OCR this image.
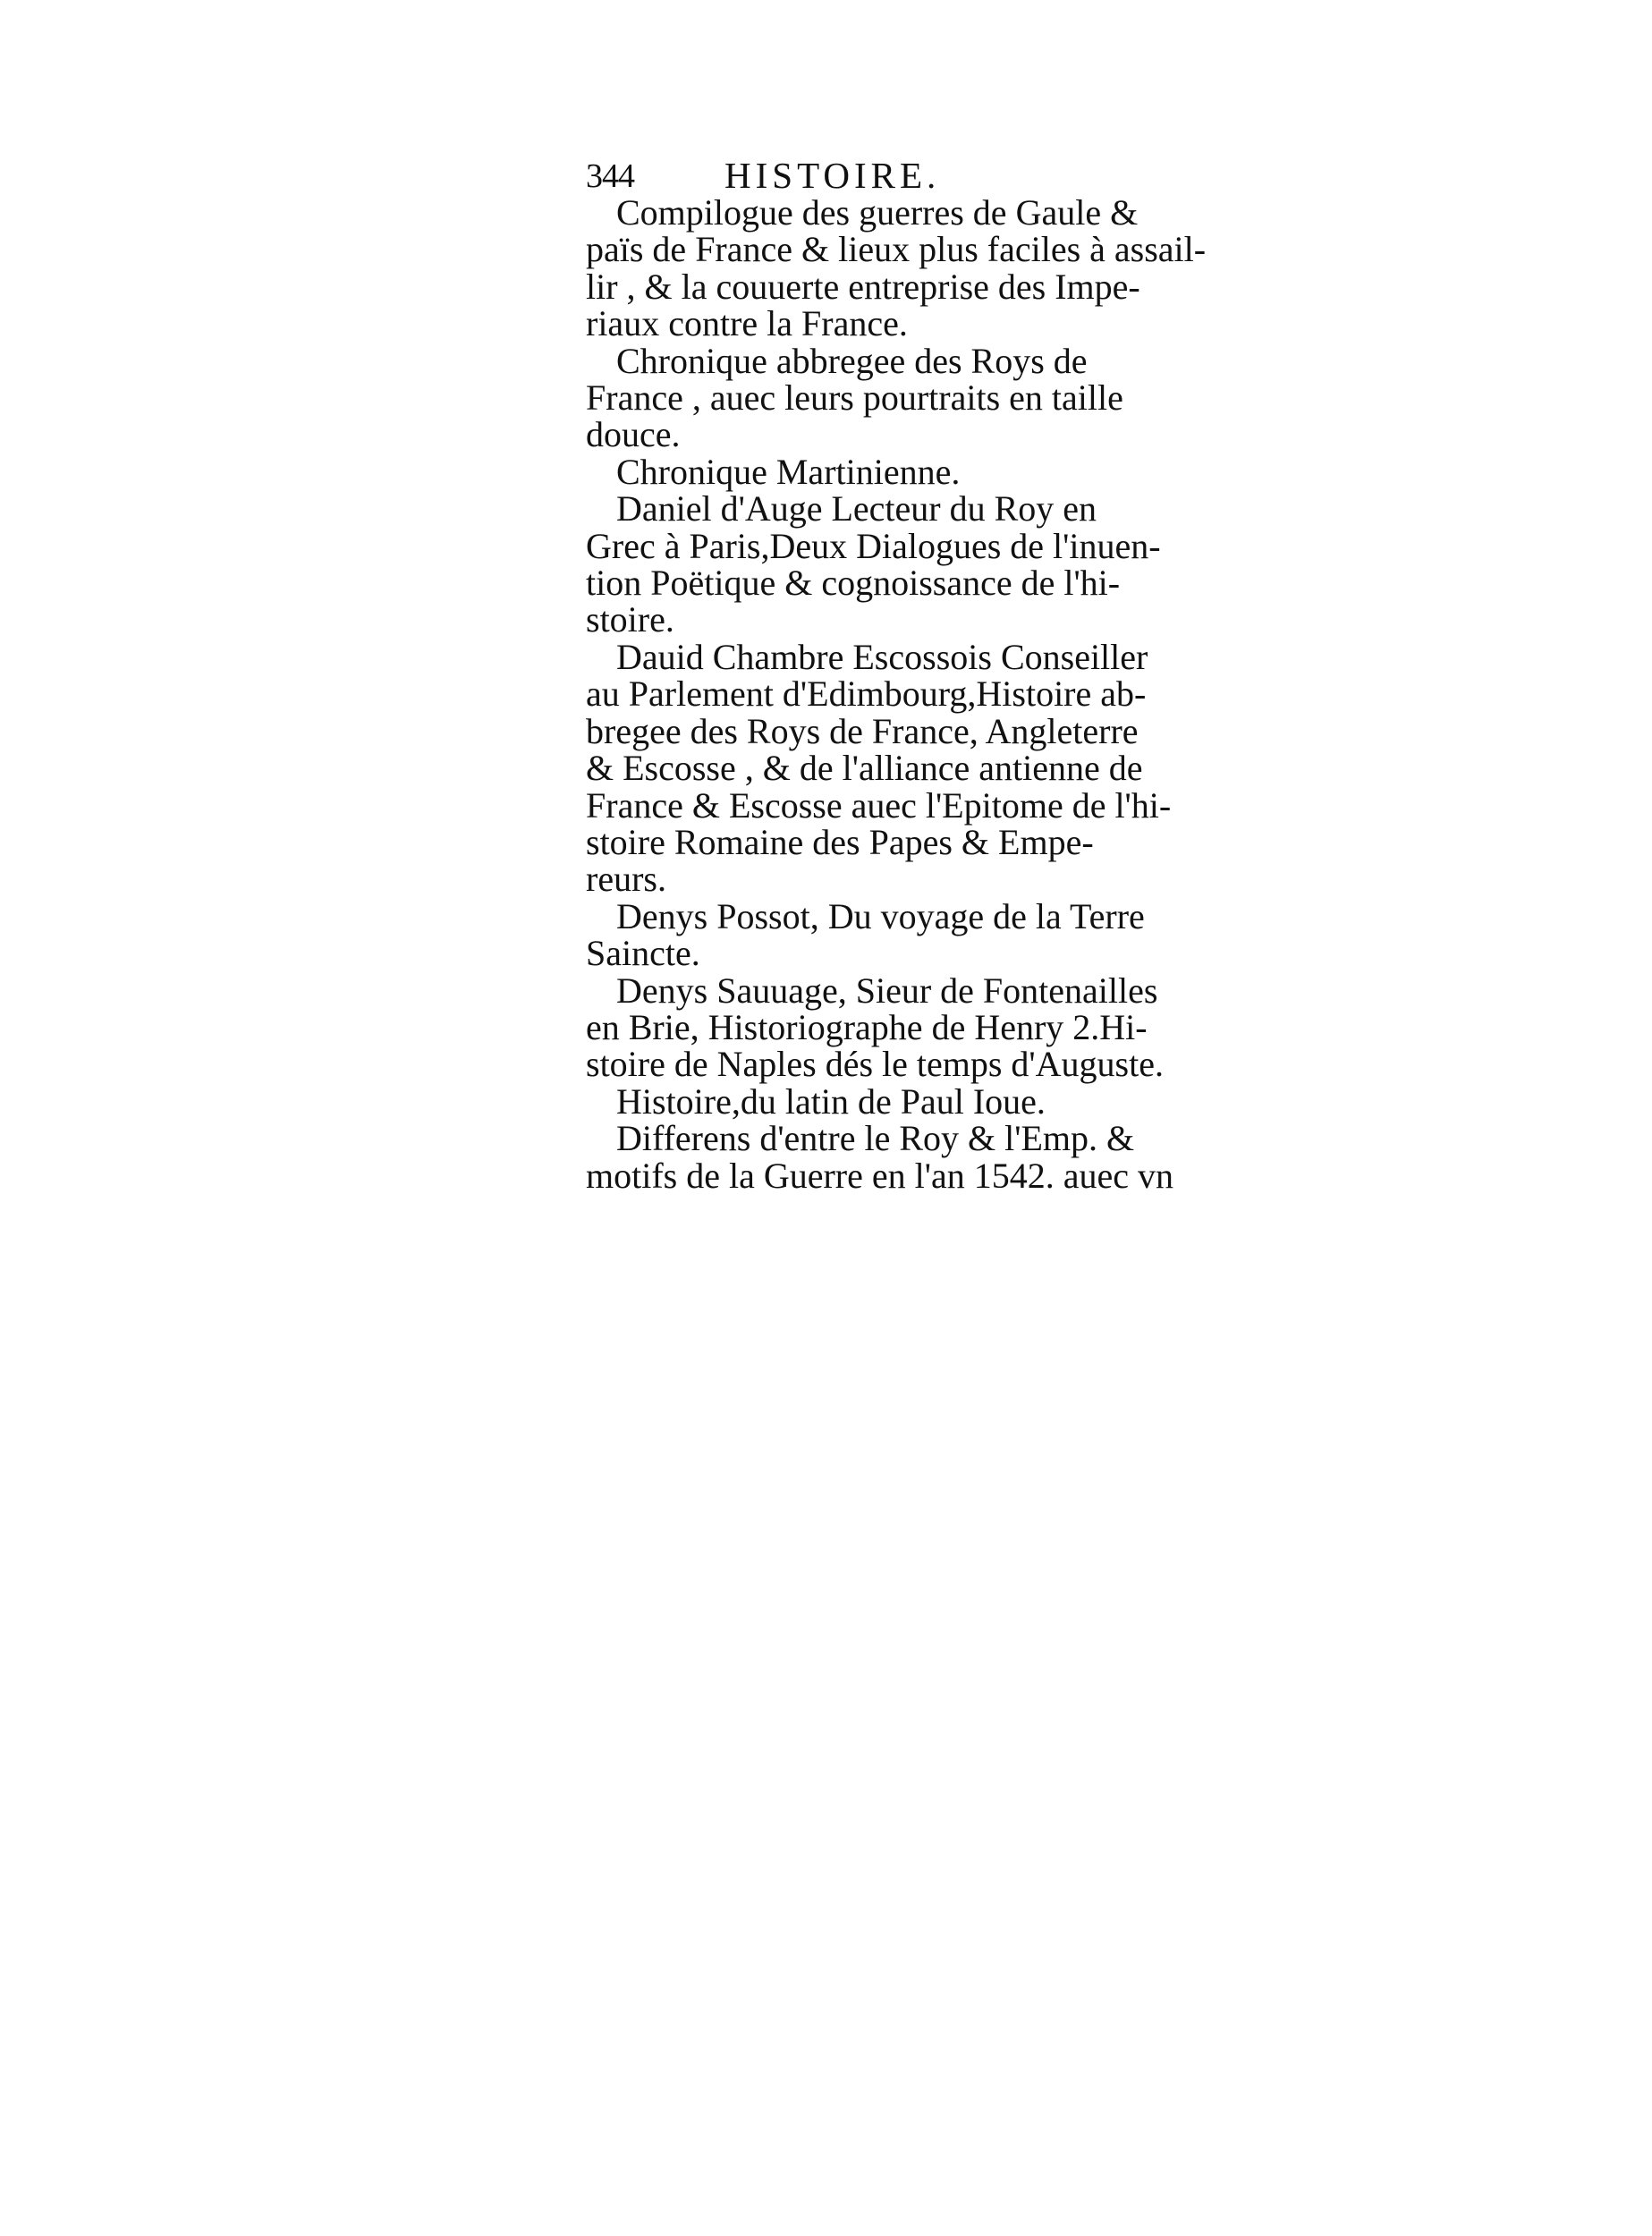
344 HISTOIRE.

Compilogue des guerres de Gaule &
païs de France & lieux plus faciles à assail-
lir , & la couuerte entreprise des Impe-
riaux contre la France.

Chronique abbregee des Roys de
France , auec leurs pourtraits en taille
douce.

Chronique Martinienne.

Daniel d'Auge Lecteur du Roy en
Grec à Paris,Deux Dialogues de l'inuen-
tion Poëtique & cognoissance de l'hi-
stoire.

Dauid Chambre Escossois Conseiller
au Parlement d'Edimbourg,Histoire ab-
bregee des Roys de France, Angleterre
& Escosse , & de l'alliance antienne de
France & Escosse auec l'Epitome de l'hi-
stoire Romaine des Papes & Empe-
reurs.

Denys Possot, Du voyage de la Terre
Saincte.

Denys Sauuage, Sieur de Fontenailles
en Brie, Historiographe de Henry 2.Hi-
stoire de Naples dés le temps d'Auguste.

Histoire,du latin de Paul Ioue.

Differens d'entre le Roy & l'Emp. &
motifs de la Guerre en l'an 1542. auec vn
